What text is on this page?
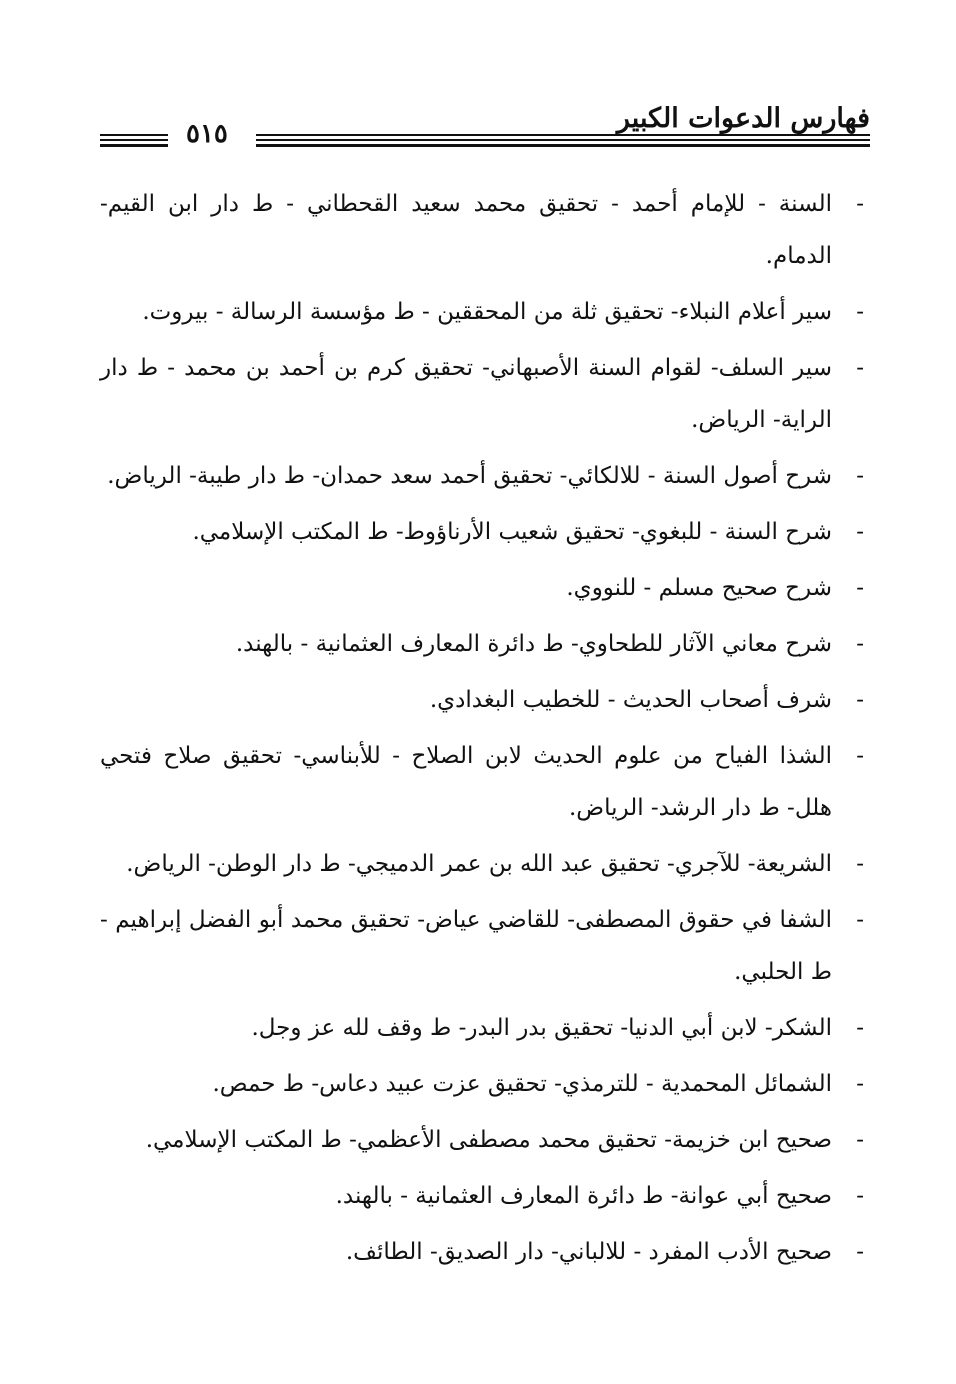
فهارس الدعوات الكبير
٥١٥
-
السنة - للإمام أحمد - تحقيق محمد سعيد القحطاني - ط دار ابن القيم- الدمام.
-
سير أعلام النبلاء- تحقيق ثلة من المحققين - ط مؤسسة الرسالة - بيروت.
-
سير السلف- لقوام السنة الأصبهاني- تحقيق كرم بن أحمد بن محمد - ط دار الراية- الرياض.
-
شرح أصول السنة - للالكائي- تحقيق أحمد سعد حمدان- ط دار طيبة- الرياض.
-
شرح السنة - للبغوي- تحقيق شعيب الأرناؤوط- ط المكتب الإسلامي.
-
شرح صحيح مسلم - للنووي.
-
شرح معاني الآثار للطحاوي- ط دائرة المعارف العثمانية - بالهند.
-
شرف أصحاب الحديث - للخطيب البغدادي.
-
الشذا الفياح من علوم الحديث لابن الصلاح - للأبناسي- تحقيق صلاح فتحي هلل- ط دار الرشد- الرياض.
-
الشريعة- للآجري- تحقيق عبد الله بن عمر الدميجي- ط دار الوطن- الرياض.
-
الشفا في حقوق المصطفى- للقاضي عياض- تحقيق محمد أبو الفضل إبراهيم - ط الحلبي.
-
الشكر- لابن أبي الدنيا- تحقيق بدر البدر- ط وقف لله عز وجل.
-
الشمائل المحمدية - للترمذي- تحقيق عزت عبيد دعاس- ط حمص.
-
صحيح ابن خزيمة- تحقيق محمد مصطفى الأعظمي- ط المكتب الإسلامي.
-
صحيح أبي عوانة- ط دائرة المعارف العثمانية - بالهند.
-
صحيح الأدب المفرد - للالباني- دار الصديق- الطائف.
